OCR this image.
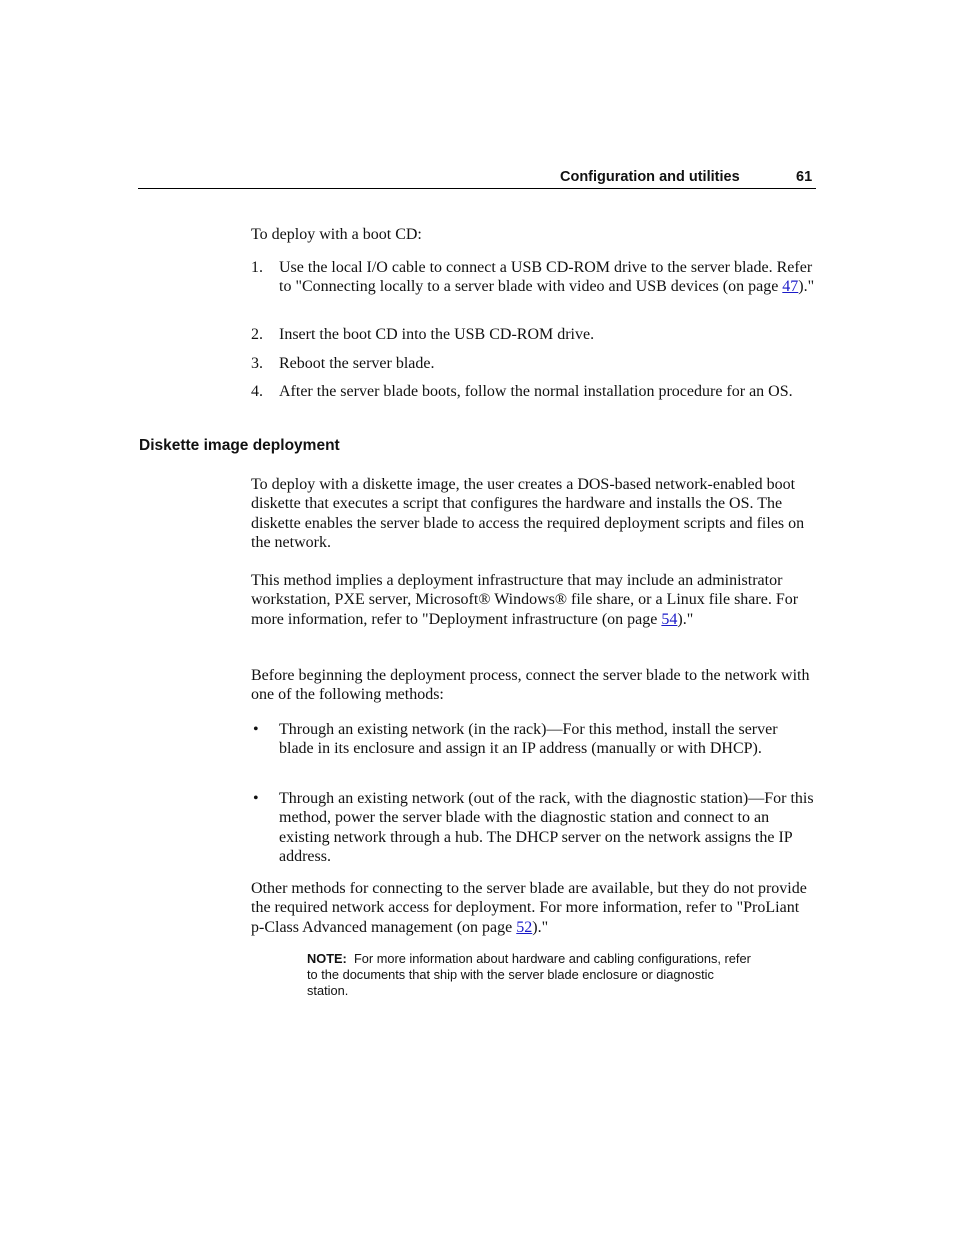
Configuration and utilities	61

To deploy with a boot CD:

1. Use the local I/O cable to connect a USB CD-ROM drive to the server blade. Refer to "Connecting locally to a server blade with video and USB devices (on page 47)."
2. Insert the boot CD into the USB CD-ROM drive.
3. Reboot the server blade.
4. After the server blade boots, follow the normal installation procedure for an OS.
Diskette image deployment

To deploy with a diskette image, the user creates a DOS-based network-enabled boot diskette that executes a script that configures the hardware and installs the OS. The diskette enables the server blade to access the required deployment scripts and files on the network.

This method implies a deployment infrastructure that may include an administrator workstation, PXE server, Microsoft® Windows® file share, or a Linux file share. For more information, refer to "Deployment infrastructure (on page 54)."

Before beginning the deployment process, connect the server blade to the network with one of the following methods:

• Through an existing network (in the rack)—For this method, install the server blade in its enclosure and assign it an IP address (manually or with DHCP).
• Through an existing network (out of the rack, with the diagnostic station)—For this method, power the server blade with the diagnostic station and connect to an existing network through a hub. The DHCP server on the network assigns the IP address.

Other methods for connecting to the server blade are available, but they do not provide the required network access for deployment. For more information, refer to "ProLiant p-Class Advanced management (on page 52)."

NOTE: For more information about hardware and cabling configurations, refer to the documents that ship with the server blade enclosure or diagnostic station.
